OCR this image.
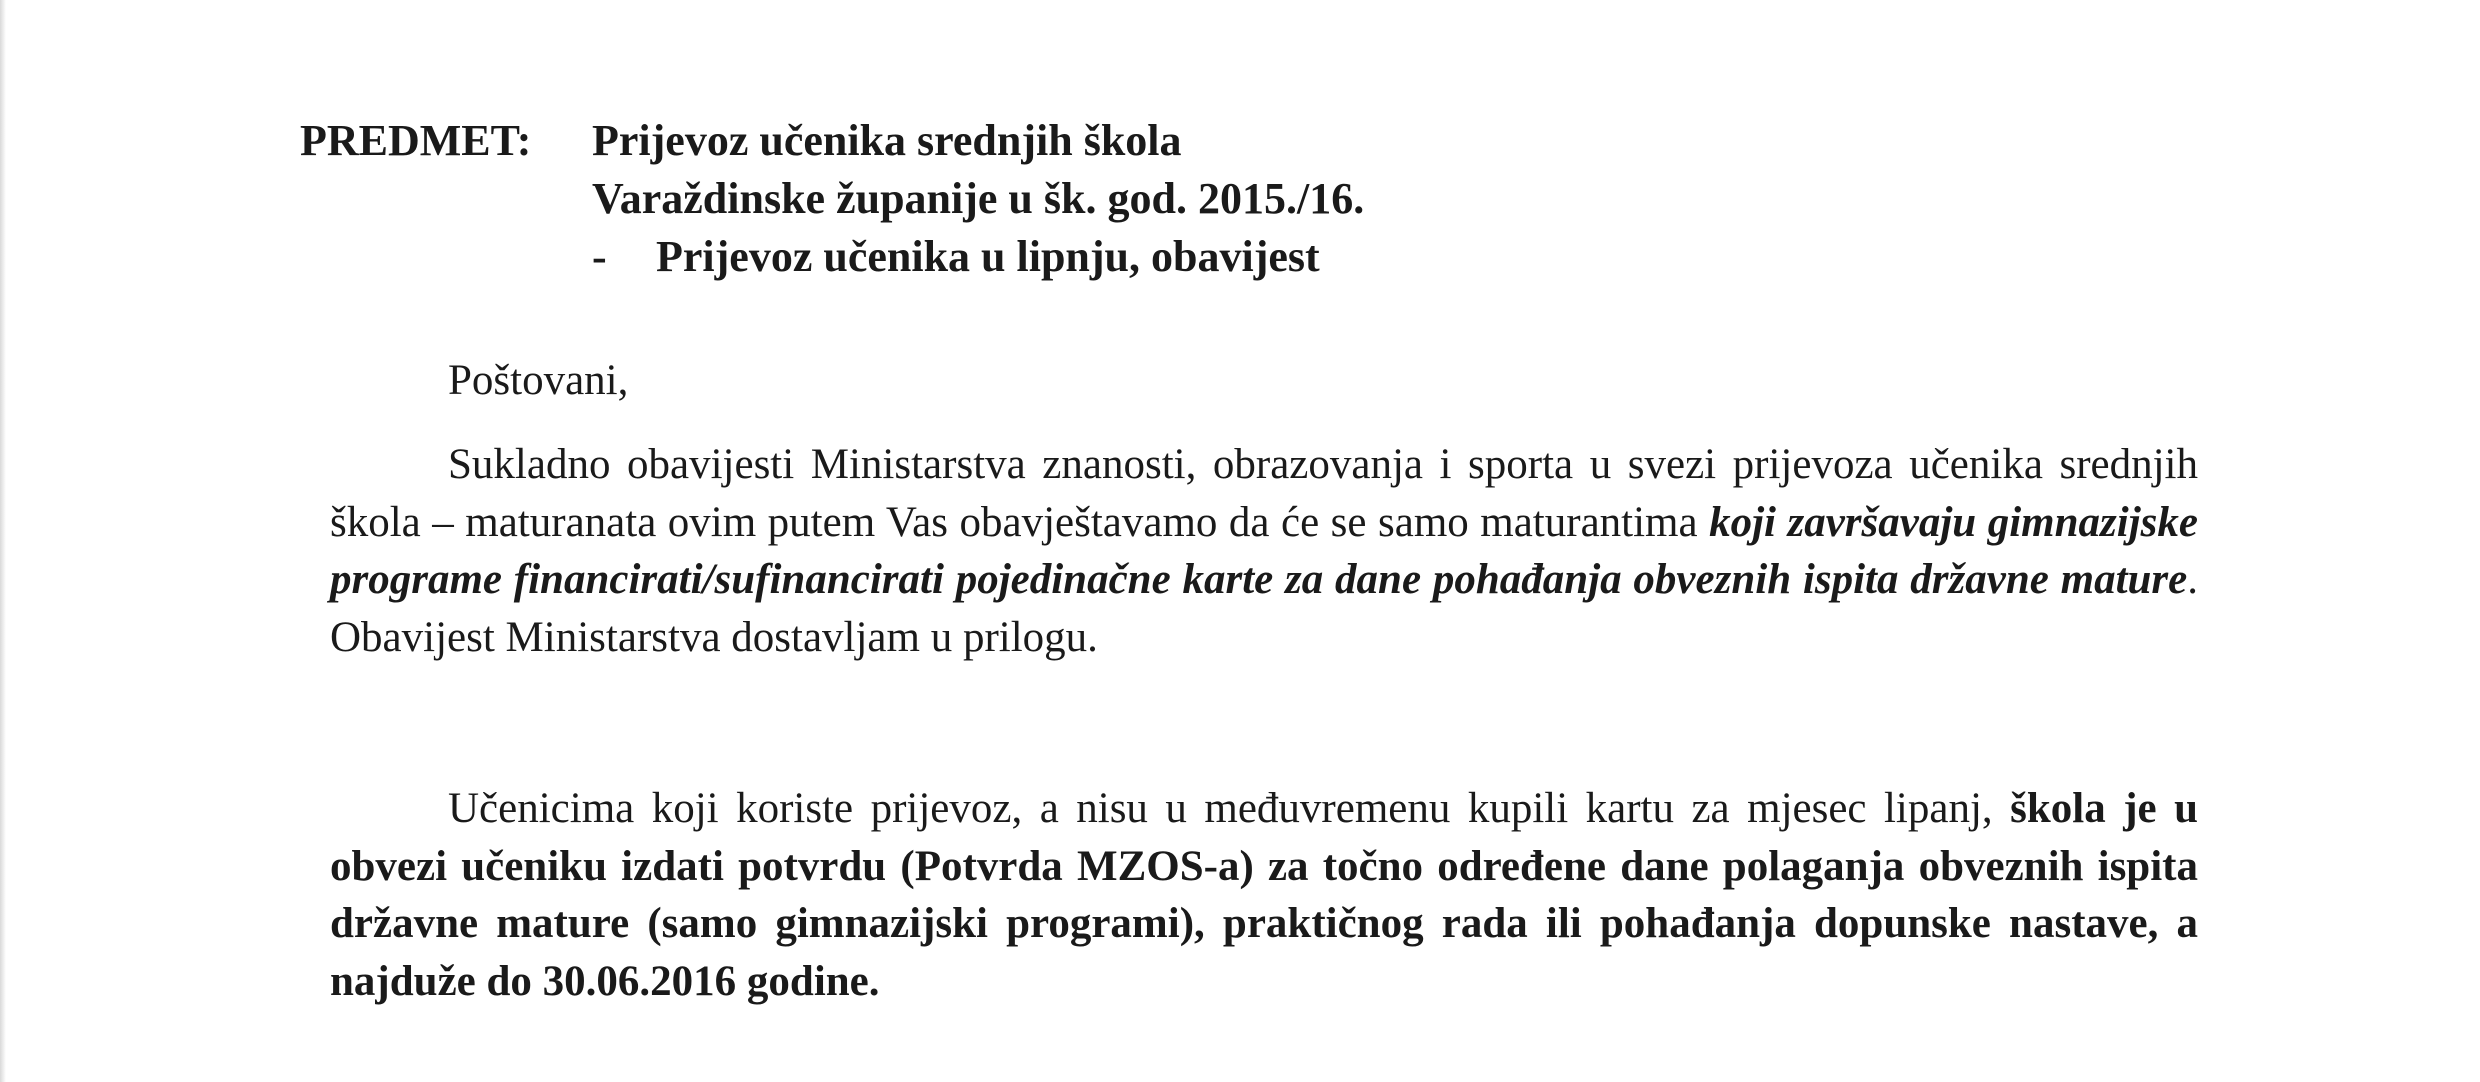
PREDMET: Prijevoz učenika srednjih škola
Varaždinske županije u šk. god. 2015./16.
- Prijevoz učenika u lipnju, obavijest
Poštovani,

Sukladno obavijesti Ministarstva znanosti, obrazovanja i sporta u svezi prijevoza učenika srednjih škola – maturanata ovim putem Vas obavještavamo da će se samo maturantima koji završavaju gimnazijske programe financirati/sufinancirati pojedinačne karte za dane pohađanja obveznih ispita državne mature. Obavijest Ministarstva dostavljam u prilogu.

Učenicima koji koriste prijevoz, a nisu u međuvremenu kupili kartu za mjesec lipanj, škola je u obvezi učeniku izdati potvrdu (Potvrda MZOS-a) za točno određene dane polaganja obveznih ispita državne mature (samo gimnazijski programi), praktičnog rada ili pohađanja dopunske nastave, a najduže do 30.06.2016 godine.
